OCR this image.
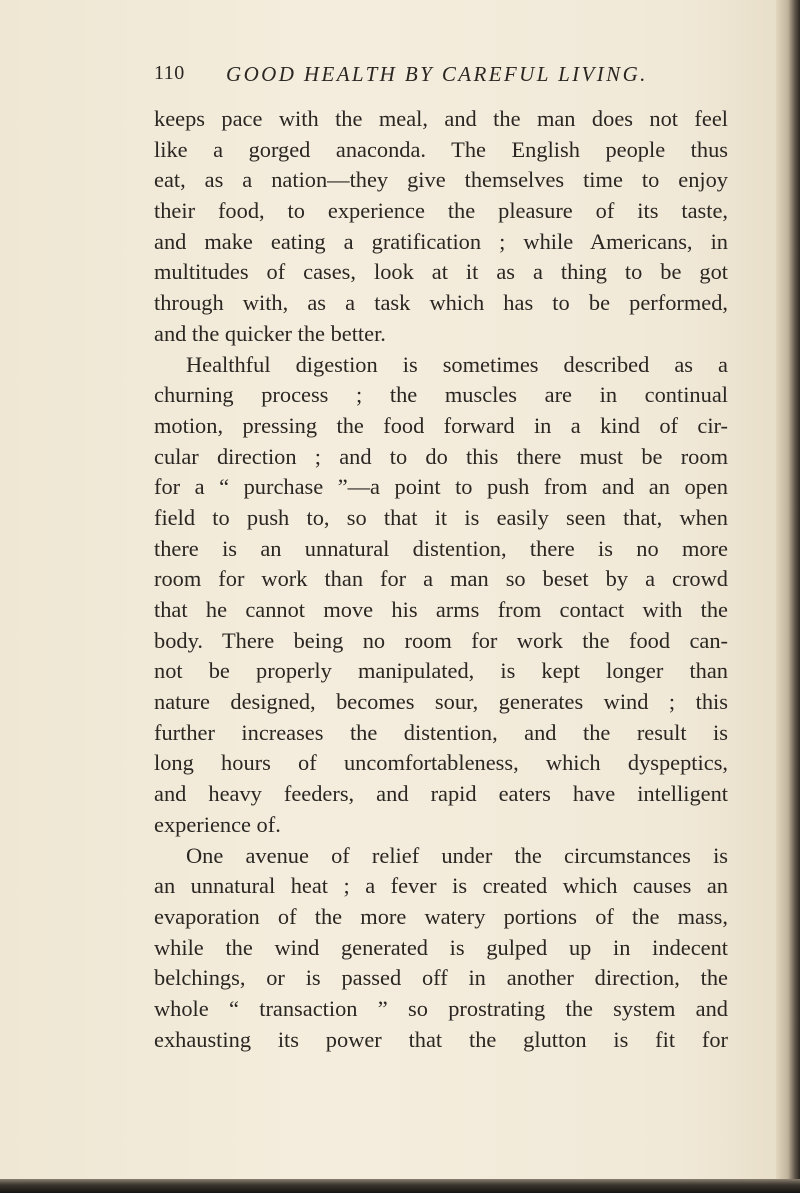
110 GOOD HEALTH BY CAREFUL LIVING.
keeps pace with the meal, and the man does not feel
like a gorged anaconda. The English people thus
eat, as a nation—they give themselves time to enjoy
their food, to experience the pleasure of its taste,
and make eating a gratification ; while Americans, in
multitudes of cases, look at it as a thing to be got
through with, as a task which has to be performed,
and the quicker the better.
Healthful digestion is sometimes described as a
churning process ; the muscles are in continual
motion, pressing the food forward in a kind of cir-
cular direction ; and to do this there must be room
for a “ purchase ”—a point to push from and an open
field to push to, so that it is easily seen that, when
there is an unnatural distention, there is no more
room for work than for a man so beset by a crowd
that he cannot move his arms from contact with the
body. There being no room for work the food can-
not be properly manipulated, is kept longer than
nature designed, becomes sour, generates wind ; this
further increases the distention, and the result is
long hours of uncomfortableness, which dyspeptics,
and heavy feeders, and rapid eaters have intelligent
experience of.
One avenue of relief under the circumstances is
an unnatural heat ; a fever is created which causes an
evaporation of the more watery portions of the mass,
while the wind generated is gulped up in indecent
belchings, or is passed off in another direction, the
whole “ transaction ” so prostrating the system and
exhausting its power that the glutton is fit for
